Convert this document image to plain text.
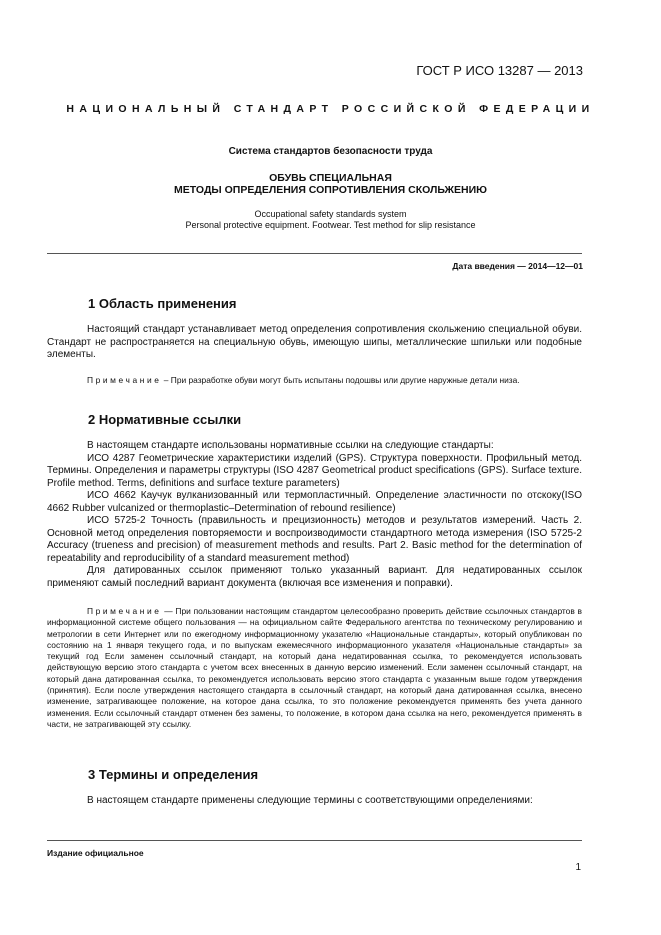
ГОСТ Р ИСО 13287 — 2013
НАЦИОНАЛЬНЫЙ СТАНДАРТ РОССИЙСКОЙ ФЕДЕРАЦИИ
Система стандартов безопасности труда
ОБУВЬ СПЕЦИАЛЬНАЯ
МЕТОДЫ ОПРЕДЕЛЕНИЯ СОПРОТИВЛЕНИЯ СКОЛЬЖЕНИЮ
Occupational safety standards system
Personal protective equipment. Footwear. Test method for slip resistance
Дата введения — 2014—12—01
1 Область применения

Настоящий стандарт устанавливает метод определения сопротивления скольжению специальной обуви. Стандарт не распространяется на специальную обувь, имеющую шипы, металлические шпильки или подобные элементы.

Примечание – При разработке обуви могут быть испытаны подошвы или другие наружные детали низа.

2 Нормативные ссылки

В настоящем стандарте использованы нормативные ссылки на следующие стандарты:

ИСО 4287 Геометрические характеристики изделий (GPS). Структура поверхности. Профильный метод. Термины. Определения и параметры структуры (ISO 4287 Geometrical product specifications (GPS). Surface texture. Profile method. Terms, definitions and surface texture parameters)

ИСО 4662 Каучук вулканизованный или термопластичный. Определение эластичности по отскоку(ISO 4662 Rubber vulcanized or thermoplastic–Determination of rebound resilience)

ИСО 5725-2 Точность (правильность и прецизионность) методов и результатов измерений. Часть 2. Основной метод определения повторяемости и воспроизводимости стандартного метода измерения (ISO 5725-2 Accuracy (trueness and precision) of measurement methods and results. Part 2. Basic method for the determination of repeatability and reproducibility of a standard measurement method)

Для датированных ссылок применяют только указанный вариант. Для недатированных ссылок применяют самый последний вариант документа (включая все изменения и поправки).

Примечание — При пользовании настоящим стандартом целесообразно проверить действие ссылочных стандартов в информационной системе общего пользования — на официальном сайте Федерального агентства по техническому регулированию и метрологии в сети Интернет или по ежегодному информационному указателю «Национальные стандарты», который опубликован по состоянию на 1 января текущего года, и по выпускам ежемесячного информационного указателя «Национальные стандарты» за текущий год Если заменен ссылочный стандарт, на который дана недатированная ссылка, то рекомендуется использовать действующую версию этого стандарта с учетом всех внесенных в данную версию изменений. Если заменен ссылочный стандарт, на который дана датированная ссылка, то рекомендуется использовать версию этого стандарта с указанным выше годом утверждения (принятия). Если после утверждения настоящего стандарта в ссылочный стандарт, на который дана датированная ссылка, внесено изменение, затрагивающее положение, на которое дана ссылка, то это положение рекомендуется применять без учета данного изменения. Если ссылочный стандарт отменен без замены, то положение, в котором дана ссылка на него, рекомендуется применять в части, не затрагивающей эту ссылку.

3 Термины и определения

В настоящем стандарте применены следующие термины с соответствующими определениями:

Издание официальное
1
